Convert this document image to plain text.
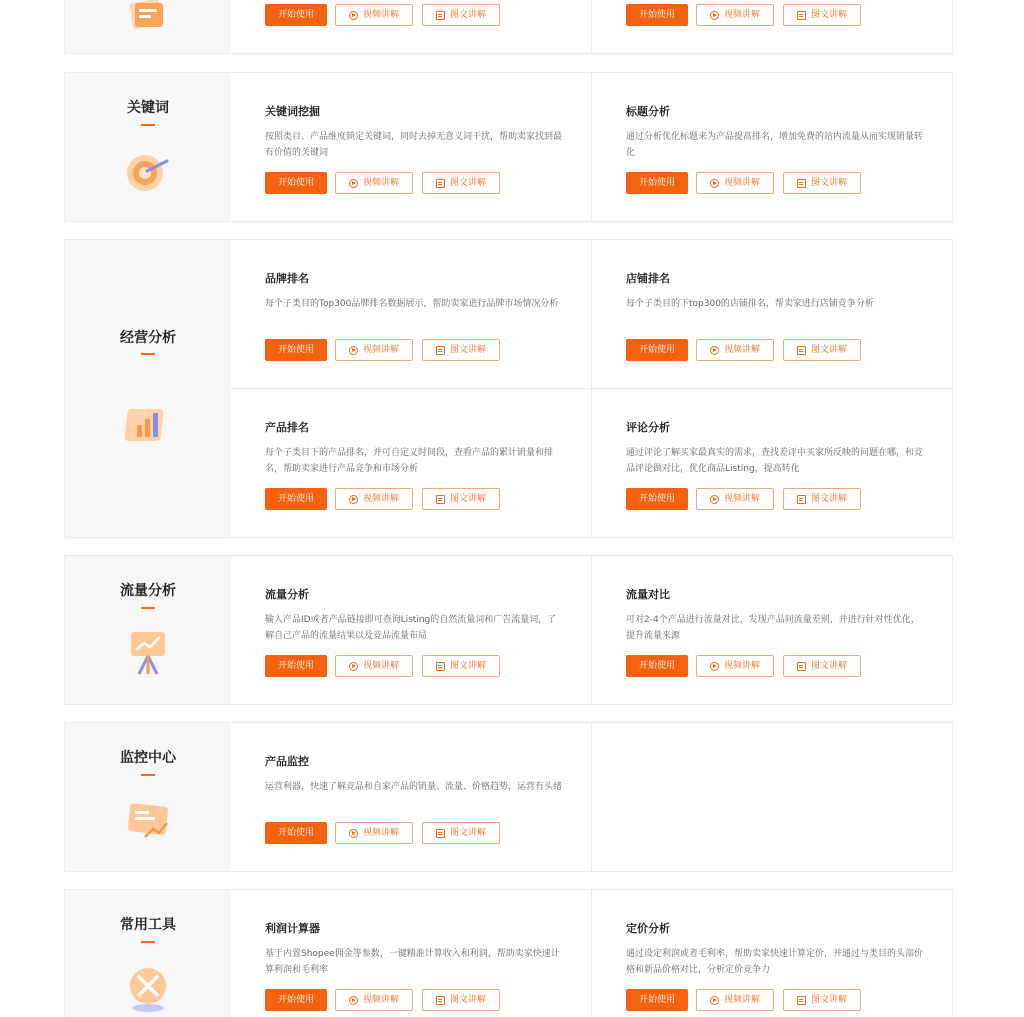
开始使用	视频讲解	图文讲解	开始使用	视频讲解	图文讲解
关键词	关键词挖掘
按照类目、产品维度锁定关键词，同时去掉无意义词干扰，帮助卖家找到最有价值的关键词
开始使用	视频讲解	图文讲解
标题分析
通过分析优化标题来为产品提高排名，增加免费的站内流量从而实现销量转化
开始使用	视频讲解	图文讲解
经营分析
品牌排名
每个子类目的Top300品牌排名数据展示，帮助卖家进行品牌市场情况分析
开始使用	视频讲解	图文讲解
店铺排名
每个子类目的下top300的店铺排名，帮卖家进行店铺竞争分析
开始使用	视频讲解	图文讲解
产品排名
每个子类目下的产品排名，并可自定义时间段，查看产品的累计销量和排名，帮助卖家进行产品竞争和市场分析
开始使用	视频讲解	图文讲解
评论分析
通过评论了解买家最真实的需求，查找差评中买家所反映的问题在哪，和竞品评论做对比，优化商品Listing，提高转化
开始使用	视频讲解	图文讲解
流量分析	流量分析
输入产品ID或者产品链接即可查询Listing的自然流量词和广告流量词，了解自己产品的流量结果以及竞品流量布局
开始使用	视频讲解	图文讲解
流量对比
可对2-4个产品进行流量对比，发现产品间流量差别，并进行针对性优化，提升流量来源
开始使用	视频讲解	图文讲解
监控中心	产品监控
运营利器，快速了解竞品和自家产品的销量、流量、价格趋势，运营有头绪
开始使用	视频讲解	图文讲解
常用工具	利润计算器
基于内置Shopee佣金等参数，一键精准计算收入和利润，帮助卖家快速计算利润和毛利率
开始使用	视频讲解	图文讲解
定价分析
通过设定利润或者毛利率，帮助卖家快速计算定价，并通过与类目的头部价格和新品价格对比，分析定价竞争力
开始使用	视频讲解	图文讲解
